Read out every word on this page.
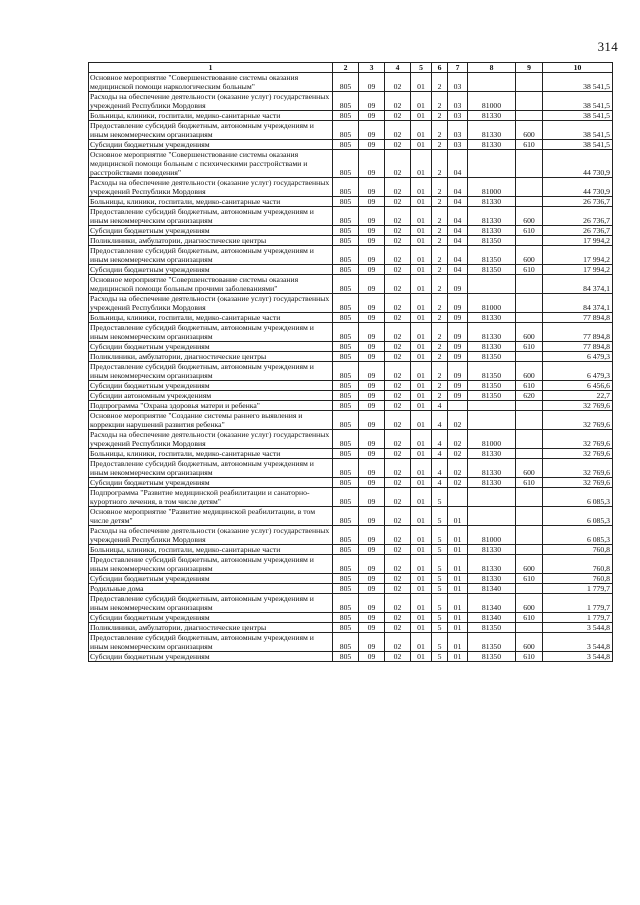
314
1	2	3	4	5	6	7	8	9	10
Основное мероприятие "Совершенствование системы оказания медицинской помощи наркологическим больным"	805	09	02	01	2	03			38 541,5
Расходы на обеспечение деятельности (оказание услуг) государственных учреждений Республики Мордовия	805	09	02	01	2	03	81000		38 541,5
Больницы, клиники, госпитали, медико-санитарные части	805	09	02	01	2	03	81330		38 541,5
Предоставление субсидий бюджетным, автономным учреждениям и иным некоммерческим организациям	805	09	02	01	2	03	81330	600	38 541,5
Субсидии бюджетным учреждениям	805	09	02	01	2	03	81330	610	38 541,5
Основное мероприятие "Совершенствование системы оказания медицинской помощи больным с психическими расстройствами и расстройствами поведения"	805	09	02	01	2	04			44 730,9
Расходы на обеспечение деятельности (оказание услуг) государственных учреждений Республики Мордовия	805	09	02	01	2	04	81000		44 730,9
Больницы, клиники, госпитали, медико-санитарные части	805	09	02	01	2	04	81330		26 736,7
Предоставление субсидий бюджетным, автономным учреждениям и иным некоммерческим организациям	805	09	02	01	2	04	81330	600	26 736,7
Субсидии бюджетным учреждениям	805	09	02	01	2	04	81330	610	26 736,7
Поликлиники, амбулатории, диагностические центры	805	09	02	01	2	04	81350		17 994,2
Предоставление субсидий бюджетным, автономным учреждениям и иным некоммерческим организациям	805	09	02	01	2	04	81350	600	17 994,2
Субсидии бюджетным учреждениям	805	09	02	01	2	04	81350	610	17 994,2
Основное мероприятие "Совершенствование системы оказания медицинской помощи больным прочими заболеваниями"	805	09	02	01	2	09			84 374,1
Расходы на обеспечение деятельности (оказание услуг) государственных учреждений Республики Мордовия	805	09	02	01	2	09	81000		84 374,1
Больницы, клиники, госпитали, медико-санитарные части	805	09	02	01	2	09	81330		77 894,8
Предоставление субсидий бюджетным, автономным учреждениям и иным некоммерческим организациям	805	09	02	01	2	09	81330	600	77 894,8
Субсидии бюджетным учреждениям	805	09	02	01	2	09	81330	610	77 894,8
Поликлиники, амбулатории, диагностические центры	805	09	02	01	2	09	81350		6 479,3
Предоставление субсидий бюджетным, автономным учреждениям и иным некоммерческим организациям	805	09	02	01	2	09	81350	600	6 479,3
Субсидии бюджетным учреждениям	805	09	02	01	2	09	81350	610	6 456,6
Субсидии автономным учреждениям	805	09	02	01	2	09	81350	620	22,7
Подпрограмма "Охрана здоровья матери и ребенка"	805	09	02	01	4				32 769,6
Основное мероприятие "Создание системы раннего выявления и коррекции нарушений развития ребенка"	805	09	02	01	4	02			32 769,6
Расходы на обеспечение деятельности (оказание услуг) государственных учреждений Республики Мордовия	805	09	02	01	4	02	81000		32 769,6
Больницы, клиники, госпитали, медико-санитарные части	805	09	02	01	4	02	81330		32 769,6
Предоставление субсидий бюджетным, автономным учреждениям и иным некоммерческим организациям	805	09	02	01	4	02	81330	600	32 769,6
Субсидии бюджетным учреждениям	805	09	02	01	4	02	81330	610	32 769,6
Подпрограмма "Развитие медицинской реабилитации и санаторно-курортного лечения, в том числе детям"	805	09	02	01	5				6 085,3
Основное мероприятие "Развитие медицинской реабилитации, в том числе детям"	805	09	02	01	5	01			6 085,3
Расходы на обеспечение деятельности (оказание услуг) государственных учреждений Республики Мордовия	805	09	02	01	5	01	81000		6 085,3
Больницы, клиники, госпитали, медико-санитарные части	805	09	02	01	5	01	81330		760,8
Предоставление субсидий бюджетным, автономным учреждениям и иным некоммерческим организациям	805	09	02	01	5	01	81330	600	760,8
Субсидии бюджетным учреждениям	805	09	02	01	5	01	81330	610	760,8
Родильные дома	805	09	02	01	5	01	81340		1 779,7
Предоставление субсидий бюджетным, автономным учреждениям и иным некоммерческим организациям	805	09	02	01	5	01	81340	600	1 779,7
Субсидии бюджетным учреждениям	805	09	02	01	5	01	81340	610	1 779,7
Поликлиники, амбулатории, диагностические центры	805	09	02	01	5	01	81350		3 544,8
Предоставление субсидий бюджетным, автономным учреждениям и иным некоммерческим организациям	805	09	02	01	5	01	81350	600	3 544,8
Субсидии бюджетным учреждениям	805	09	02	01	5	01	81350	610	3 544,8
